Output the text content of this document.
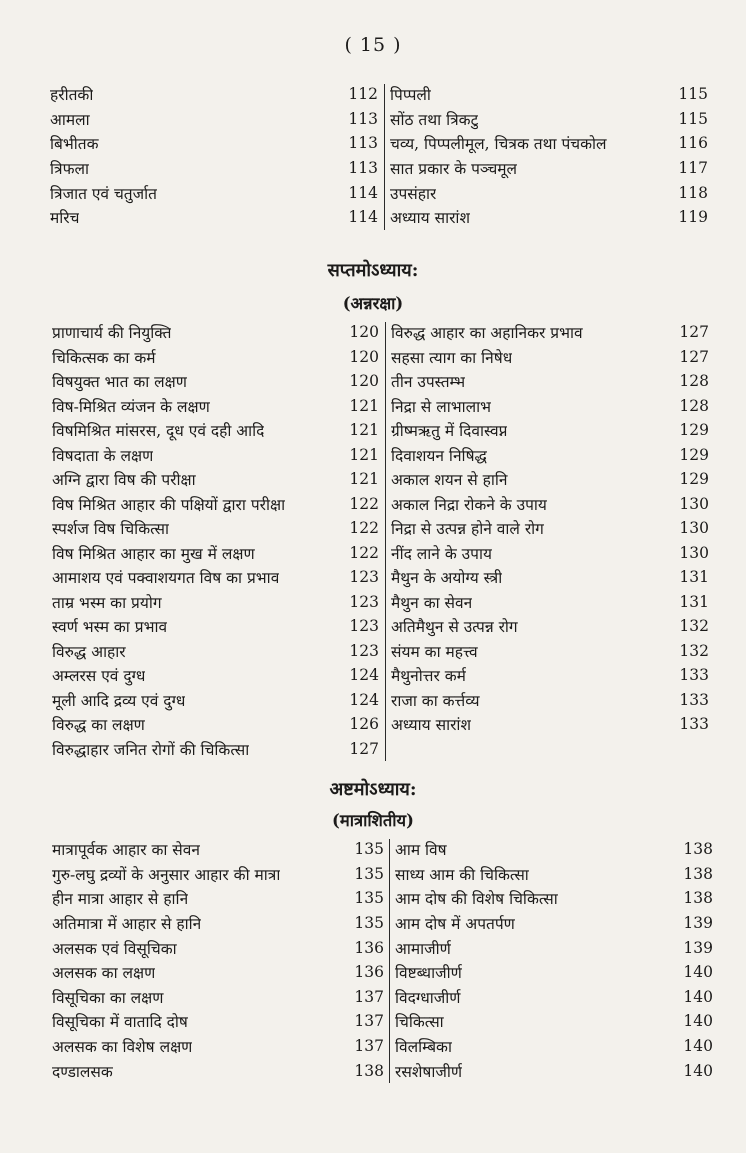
( 15 )
हरीतकी	112
आमला	113
बिभीतक	113
त्रिफला	113
त्रिजात एवं चतुर्जात	114
मरिच	114
पिप्पली	115
सोंठ तथा त्रिकटु	115
चव्य, पिप्पलीमूल, चित्रक तथा पंचकोल	116
सात प्रकार के पञ्चमूल	117
उपसंहार	118
अध्याय सारांश	119
सप्तमोऽध्याय:
(अन्नरक्षा)
प्राणाचार्य की नियुक्ति	120
चिकित्सक का कर्म	120
विषयुक्त भात का लक्षण	120
विष-मिश्रित व्यंजन के लक्षण	121
विषमिश्रित मांसरस, दूध एवं दही आदि	121
विषदाता के लक्षण	121
अग्नि द्वारा विष की परीक्षा	121
विष मिश्रित आहार की पक्षियों द्वारा परीक्षा	122
स्पर्शज विष चिकित्सा	122
विष मिश्रित आहार का मुख में लक्षण	122
आमाशय एवं पक्वाशयगत विष का प्रभाव	123
ताम्र भस्म का प्रयोग	123
स्वर्ण भस्म का प्रभाव	123
विरुद्ध आहार	123
अम्लरस एवं दुग्ध	124
मूली आदि द्रव्य एवं दुग्ध	124
विरुद्ध का लक्षण	126
विरुद्धाहार जनित रोगों की चिकित्सा	127
विरुद्ध आहार का अहानिकर प्रभाव	127
सहसा त्याग का निषेध	127
तीन उपस्तम्भ	128
निद्रा से लाभालाभ	128
ग्रीष्मऋतु में दिवास्वप्न	129
दिवाशयन निषिद्ध	129
अकाल शयन से हानि	129
अकाल निद्रा रोकने के उपाय	130
निद्रा से उत्पन्न होने वाले रोग	130
नींद लाने के उपाय	130
मैथुन के अयोग्य स्त्री	131
मैथुन का सेवन	131
अतिमैथुन से उत्पन्न रोग	132
संयम का महत्त्व	132
मैथुनोत्तर कर्म	133
राजा का कर्त्तव्य	133
अध्याय सारांश	133
अष्टमोऽध्याय:
(मात्राशितीय)
मात्रापूर्वक आहार का सेवन	135
गुरु-लघु द्रव्यों के अनुसार आहार की मात्रा	135
हीन मात्रा आहार से हानि	135
अतिमात्रा में आहार से हानि	135
अलसक एवं विसूचिका	136
अलसक का लक्षण	136
विसूचिका का लक्षण	137
विसूचिका में वातादि दोष	137
अलसक का विशेष लक्षण	137
दण्डालसक	138
आम विष	138
साध्य आम की चिकित्सा	138
आम दोष की विशेष चिकित्सा	138
आम दोष में अपतर्पण	139
आमाजीर्ण	139
विष्टब्धाजीर्ण	140
विदग्धाजीर्ण	140
चिकित्सा	140
विलम्बिका	140
रसशेषाजीर्ण	140
